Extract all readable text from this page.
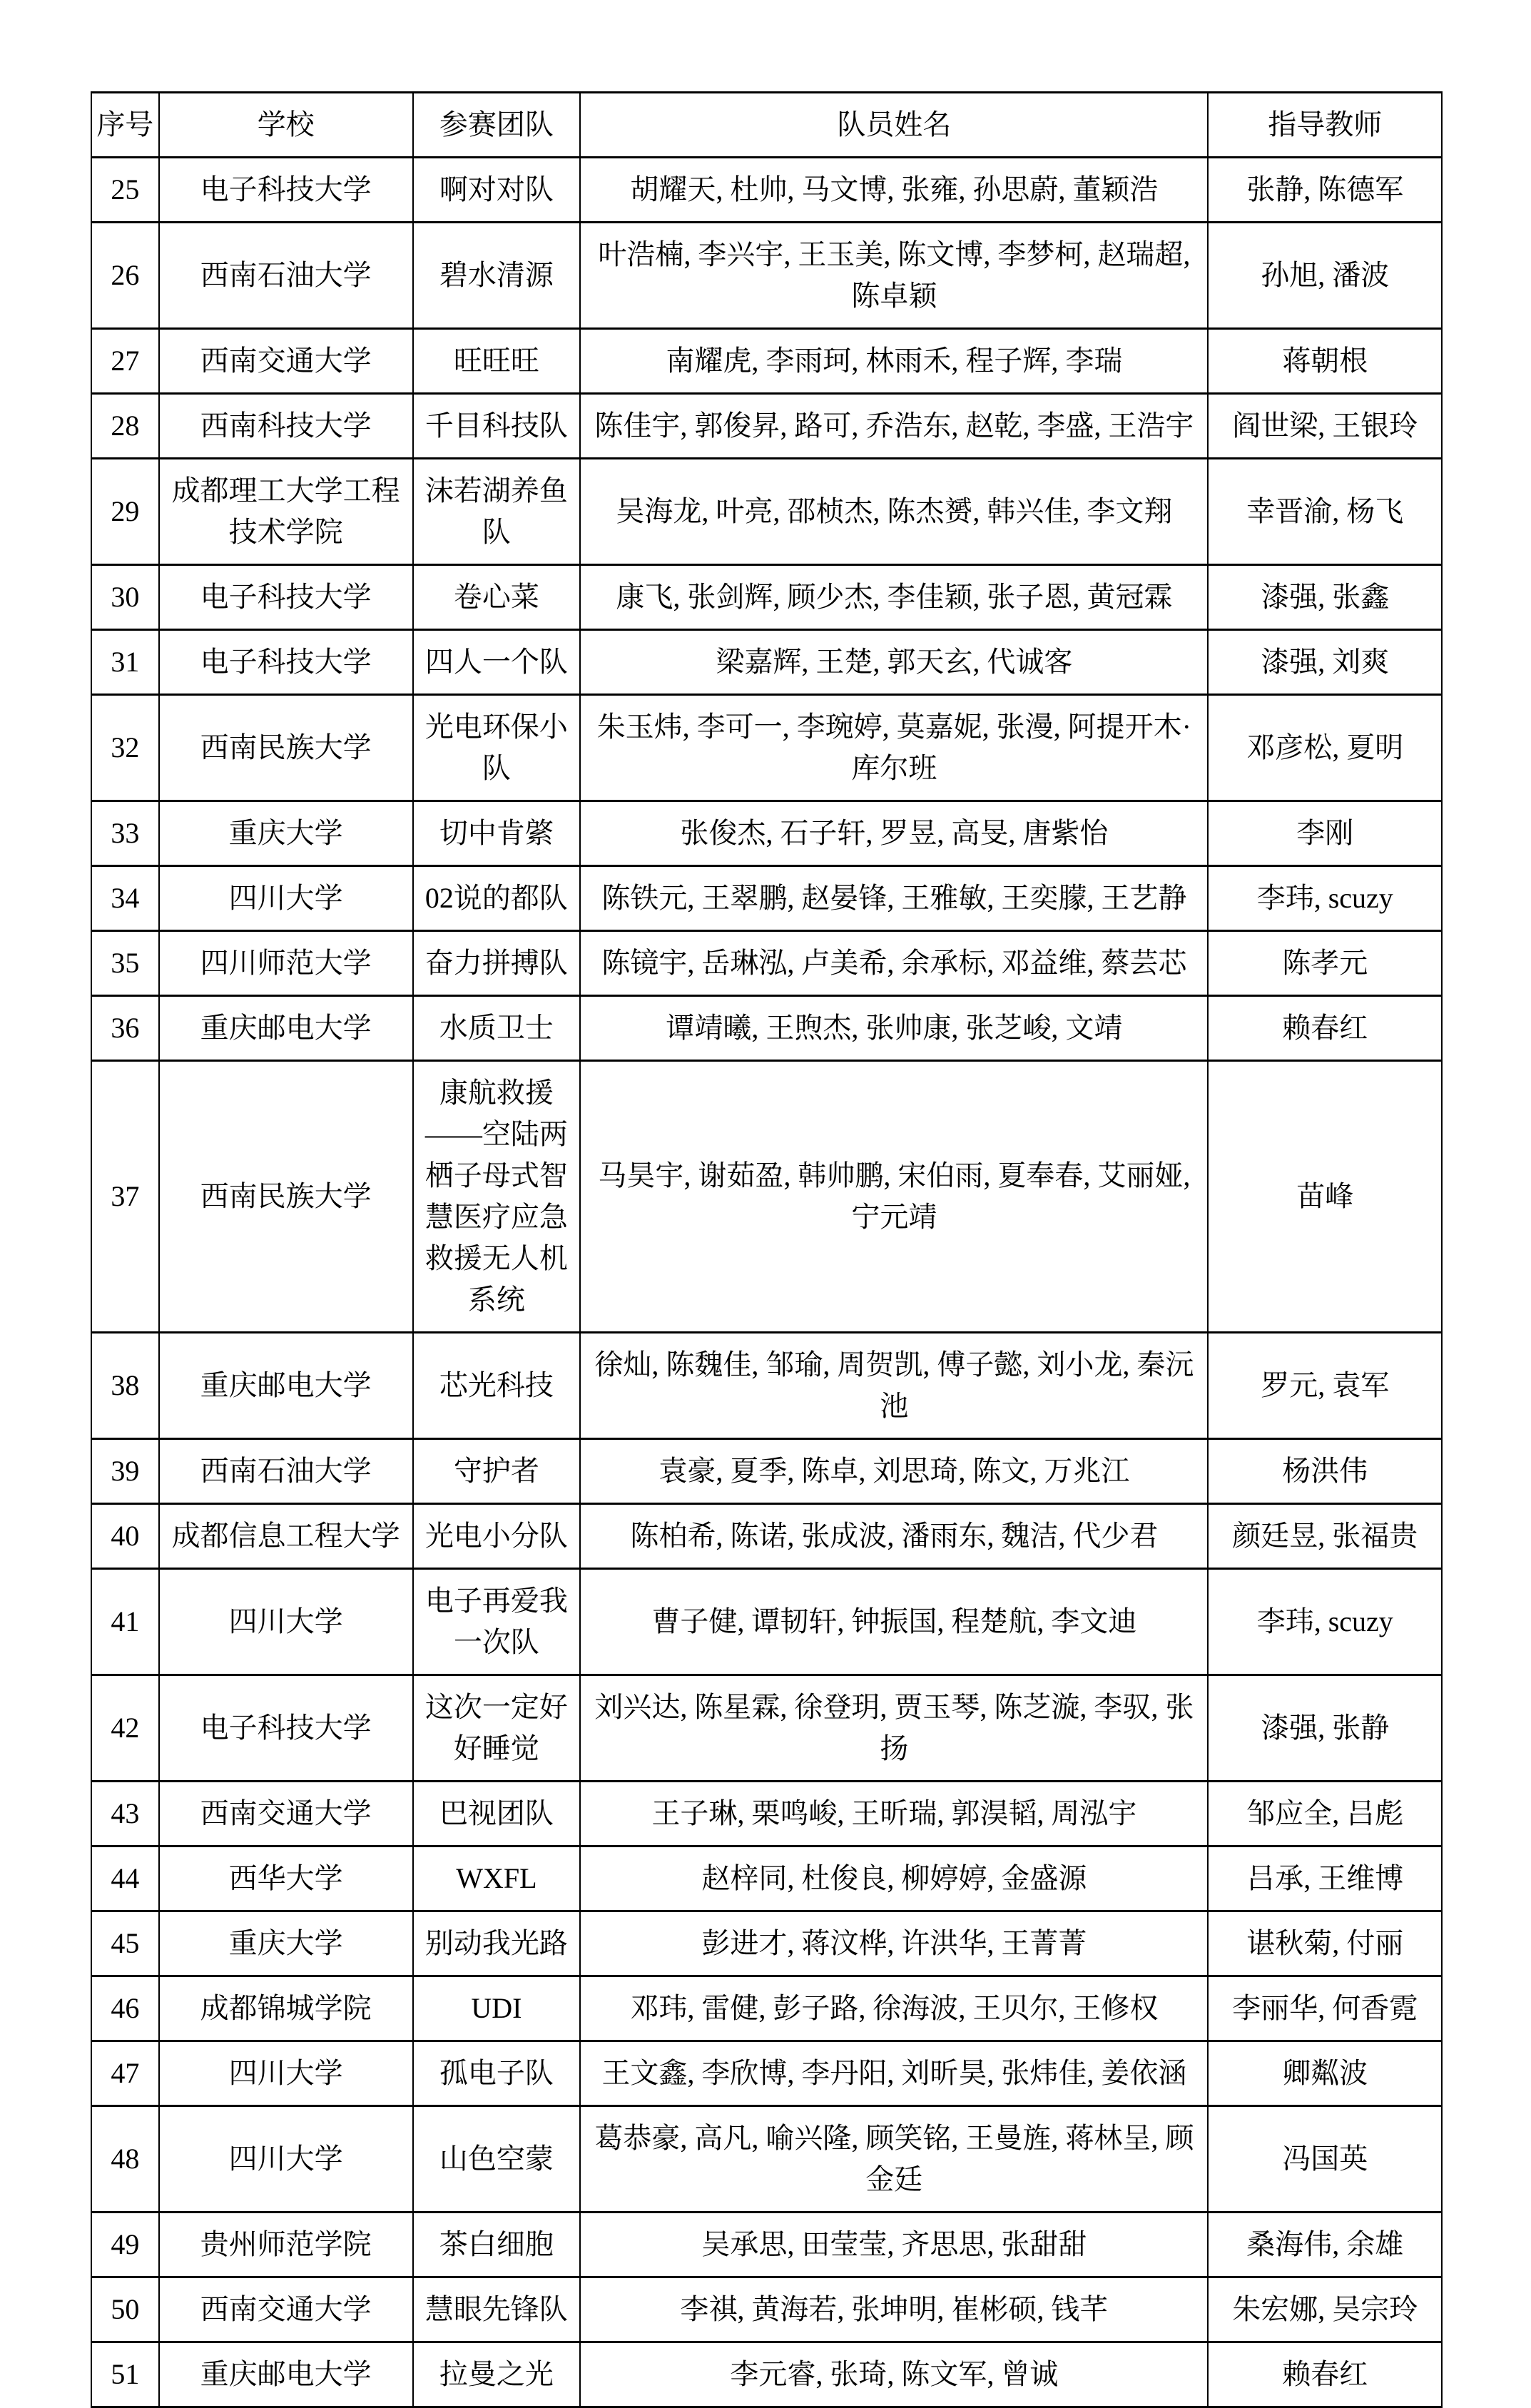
序号	学校	参赛团队	队员姓名	指导教师
25	电子科技大学	啊对对队	胡耀天, 杜帅, 马文博, 张雍, 孙思蔚, 董颖浩	张静, 陈德军
26	西南石油大学	碧水清源	叶浩楠, 李兴宇, 王玉美, 陈文博, 李梦柯, 赵瑞超, 陈卓颖	孙旭, 潘波
27	西南交通大学	旺旺旺	南耀虎, 李雨珂, 林雨禾, 程子辉, 李瑞	蒋朝根
28	西南科技大学	千目科技队	陈佳宇, 郭俊昇, 路可, 乔浩东, 赵乾, 李盛, 王浩宇	阎世梁, 王银玲
29	成都理工大学工程技术学院	沫若湖养鱼队	吴海龙, 叶亮, 邵桢杰, 陈杰赟, 韩兴佳, 李文翔	幸晋渝, 杨飞
30	电子科技大学	卷心菜	康飞, 张剑辉, 顾少杰, 李佳颖, 张子恩, 黄冠霖	漆强, 张鑫
31	电子科技大学	四人一个队	梁嘉辉, 王楚, 郭天玄, 代诚客	漆强, 刘爽
32	西南民族大学	光电环保小队	朱玉炜, 李可一, 李琬婷, 莫嘉妮, 张漫, 阿提开木·库尔班	邓彦松, 夏明
33	重庆大学	切中肯綮	张俊杰, 石子轩, 罗昱, 高旻, 唐紫怡	李刚
34	四川大学	02说的都队	陈铁元, 王翠鹏, 赵晏锋, 王雅敏, 王奕朦, 王艺静	李玮, scuzy
35	四川师范大学	奋力拼搏队	陈镜宇, 岳琳泓, 卢美希, 余承标, 邓益维, 蔡芸芯	陈孝元
36	重庆邮电大学	水质卫士	谭靖曦, 王煦杰, 张帅康, 张芝峻, 文靖	赖春红
37	西南民族大学	康航救援——空陆两栖子母式智慧医疗应急救援无人机系统	马昊宇, 谢茹盈, 韩帅鹏, 宋伯雨, 夏奉春, 艾丽娅, 宁元靖	苗峰
38	重庆邮电大学	芯光科技	徐灿, 陈魏佳, 邹瑜, 周贺凯, 傅子懿, 刘小龙, 秦沅池	罗元, 袁军
39	西南石油大学	守护者	袁豪, 夏季, 陈卓, 刘思琦, 陈文, 万兆江	杨洪伟
40	成都信息工程大学	光电小分队	陈柏希, 陈诺, 张成波, 潘雨东, 魏洁, 代少君	颜廷昱, 张福贵
41	四川大学	电子再爱我一次队	曹子健, 谭韧轩, 钟振国, 程楚航, 李文迪	李玮, scuzy
42	电子科技大学	这次一定好好睡觉	刘兴达, 陈星霖, 徐登玥, 贾玉琴, 陈芝漩, 李驭, 张扬	漆强, 张静
43	西南交通大学	巴视团队	王子琳, 栗鸣峻, 王昕瑞, 郭淏韬, 周泓宇	邹应全, 吕彪
44	西华大学	WXFL	赵梓同, 杜俊良, 柳婷婷, 金盛源	吕承, 王维博
45	重庆大学	别动我光路	彭进才, 蒋汶桦, 许洪华, 王菁菁	谌秋菊, 付丽
46	成都锦城学院	UDI	邓玮, 雷健, 彭子路, 徐海波, 王贝尔, 王修权	李丽华, 何香霓
47	四川大学	孤电子队	王文鑫, 李欣博, 李丹阳, 刘昕昊, 张炜佳, 姜依涵	卿粼波
48	四川大学	山色空蒙	葛恭豪, 高凡, 喻兴隆, 顾笑铭, 王曼旌, 蒋林呈, 顾金廷	冯国英
49	贵州师范学院	茶白细胞	吴承思, 田莹莹, 齐思思, 张甜甜	桑海伟, 余雄
50	西南交通大学	慧眼先锋队	李祺, 黄海若, 张坤明, 崔彬硕, 钱芊	朱宏娜, 吴宗玲
51	重庆邮电大学	拉曼之光	李元睿, 张琦, 陈文军, 曾诚	赖春红
